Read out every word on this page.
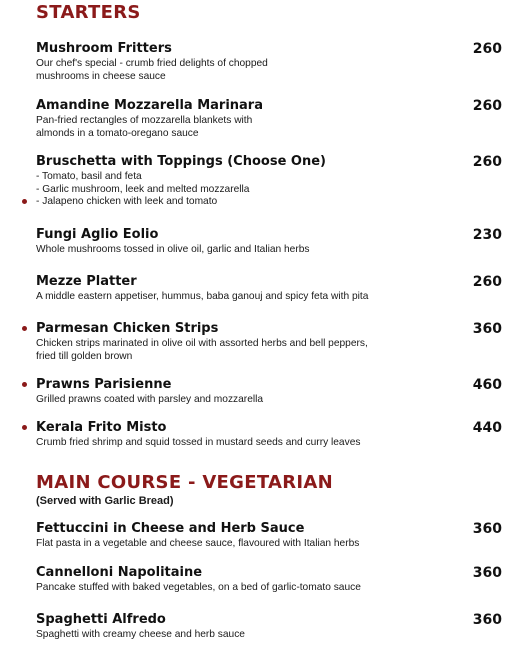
STARTERS
Mushroom Fritters	260
Our chef's special - crumb fried delights of chopped
mushrooms in cheese sauce
Amandine Mozzarella Marinara	260
Pan-fried rectangles of mozzarella blankets with
almonds in a tomato-oregano sauce
Bruschetta with Toppings (Choose One)	260
- Tomato, basil and feta
- Garlic mushroom, leek and melted mozzarella
- Jalapeno chicken with leek and tomato
Fungi Aglio Eolio	230
Whole mushrooms tossed in olive oil, garlic and Italian herbs
Mezze Platter	260
A middle eastern appetiser, hummus, baba ganouj and spicy feta with pita
Parmesan Chicken Strips	360
Chicken strips marinated in olive oil with assorted herbs and bell peppers,
fried till golden brown
Prawns Parisienne	460
Grilled prawns coated with parsley and mozzarella
Kerala Frito Misto	440
Crumb fried shrimp and squid tossed in mustard seeds and curry leaves
MAIN COURSE - VEGETARIAN
(Served with Garlic Bread)
Fettuccini in Cheese and Herb Sauce	360
Flat pasta in a vegetable and cheese sauce, flavoured with Italian herbs
Cannelloni Napolitaine	360
Pancake stuffed with baked vegetables, on a bed of garlic-tomato sauce
Spaghetti Alfredo	360
Spaghetti with creamy cheese and herb sauce
